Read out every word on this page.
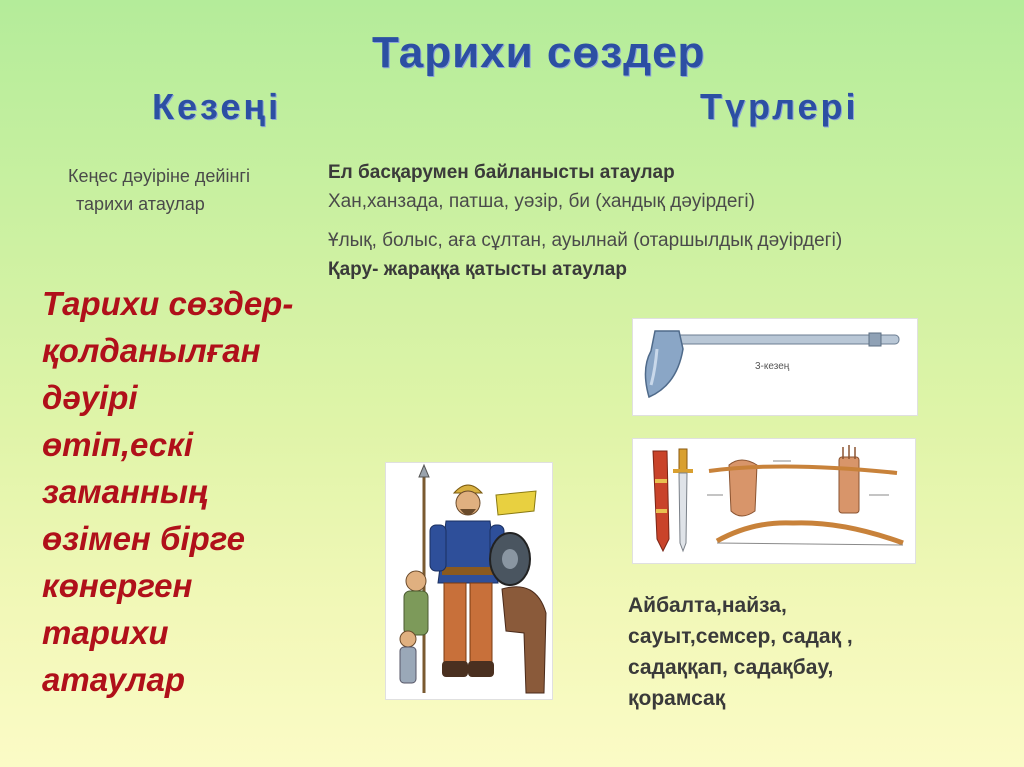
Тарихи сөздер
Кезеңі	Түрлері
Кеңес дәуіріне дейінгі
тарихи атаулар
Ел басқарумен байланысты атаулар
Хан,ханзада, патша, уәзір, би (хандық дәуірдегі)
Ұлық, болыс, аға сұлтан, ауылнай (отаршылдық дәуірдегі)
Қару- жараққа қатысты атаулар
Тарихи сөздер-
қолданылған
дәуірі
өтіп,ескі
заманның
өзімен бірге
көнерген
тарихи
атаулар
3-кезең
Айбалта,найза,
сауыт,семсер, садақ ,
садаққап, садақбау,
қорамсақ
